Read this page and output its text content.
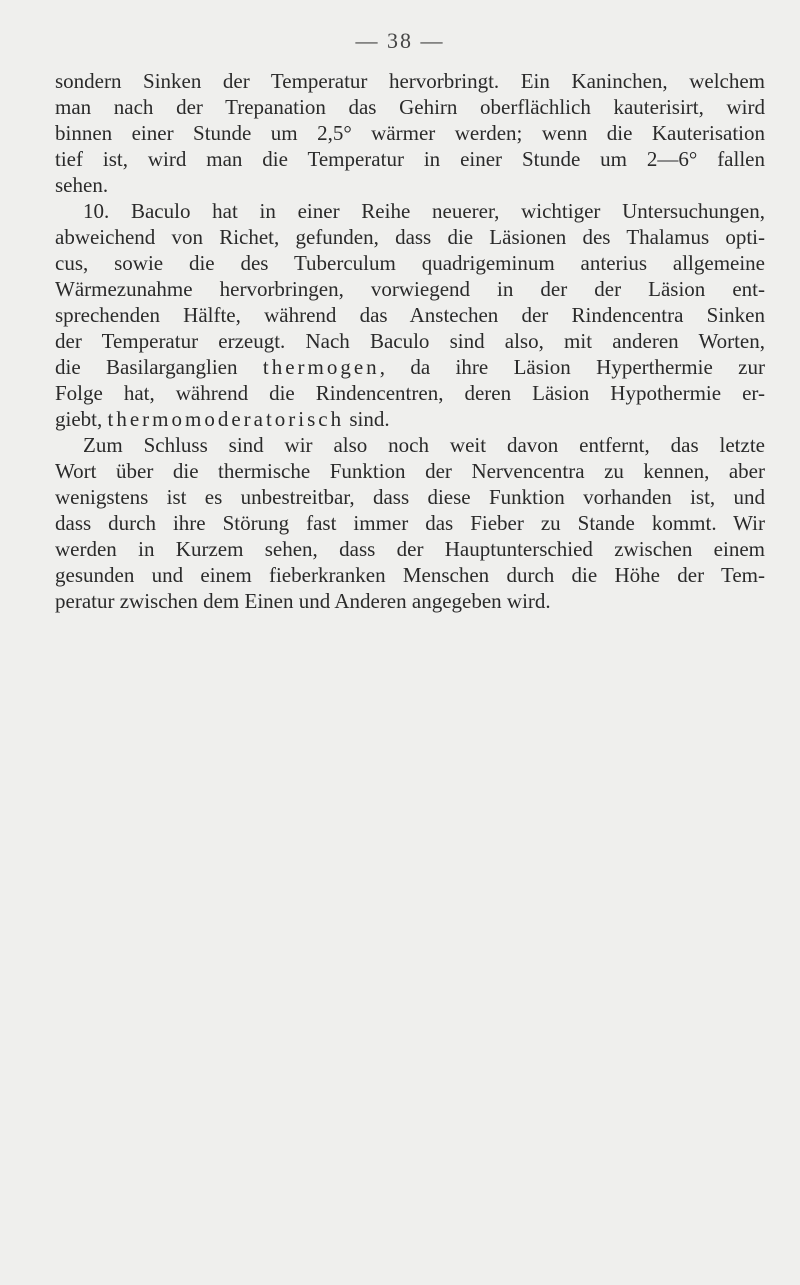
— 38 —
sondern Sinken der Temperatur hervorbringt. Ein Kaninchen, welchem
man nach der Trepanation das Gehirn oberflächlich kauterisirt, wird
binnen einer Stunde um 2,5° wärmer werden; wenn die Kauterisation
tief ist, wird man die Temperatur in einer Stunde um 2—6° fallen
sehen.
10. Baculo hat in einer Reihe neuerer, wichtiger Untersuchungen,
abweichend von Richet, gefunden, dass die Läsionen des Thalamus opti-
cus, sowie die des Tuberculum quadrigeminum anterius allgemeine
Wärmezunahme hervorbringen, vorwiegend in der der Läsion ent-
sprechenden Hälfte, während das Anstechen der Rindencentra Sinken
der Temperatur erzeugt. Nach Baculo sind also, mit anderen Worten,
die Basilarganglien thermogen, da ihre Läsion Hyperthermie zur
Folge hat, während die Rindencentren, deren Läsion Hypothermie er-
giebt, thermomoderatorisch sind.
Zum Schluss sind wir also noch weit davon entfernt, das letzte
Wort über die thermische Funktion der Nervencentra zu kennen, aber
wenigstens ist es unbestreitbar, dass diese Funktion vorhanden ist, und
dass durch ihre Störung fast immer das Fieber zu Stande kommt. Wir
werden in Kurzem sehen, dass der Hauptunterschied zwischen einem
gesunden und einem fieberkranken Menschen durch die Höhe der Tem-
peratur zwischen dem Einen und Anderen angegeben wird.
